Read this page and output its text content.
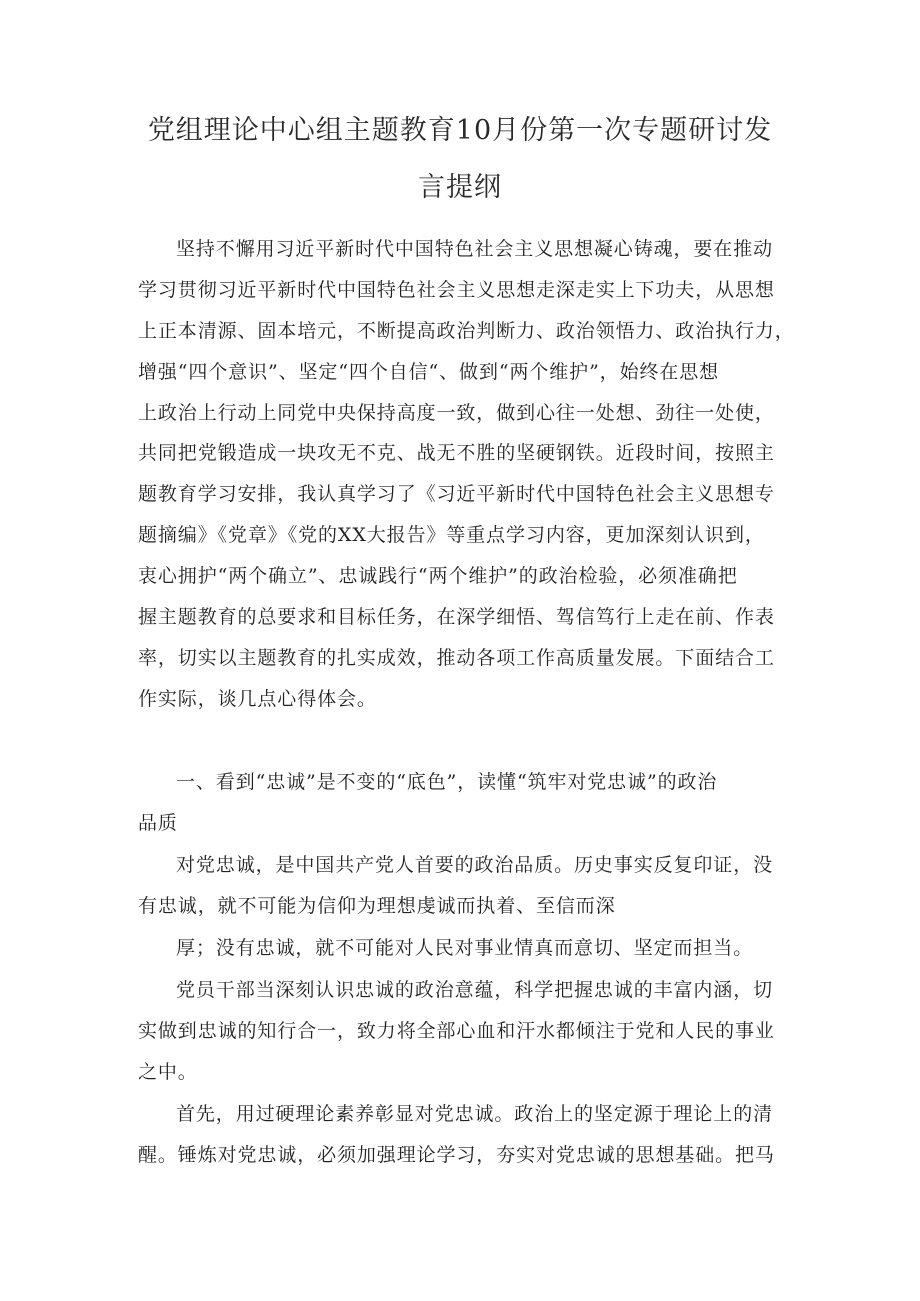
党组理论中心组主题教育10月份第一次专题研讨发
言提纲
坚持不懈用习近平新时代中国特色社会主义思想凝心铸魂，要在推动
学习贯彻习近平新时代中国特色社会主义思想走深走实上下功夫，从思想
上正本清源、固本培元，不断提高政治判断力、政治领悟力、政治执行力，
增强“四个意识”、坚定“四个自信“、做到“两个维护”，始终在思想
上政治上行动上同党中央保持高度一致，做到心往一处想、劲往一处使，
共同把党锻造成一块攻无不克、战无不胜的坚硬钢铁。近段时间，按照主
题教育学习安排，我认真学习了《习近平新时代中国特色社会主义思想专
题摘编》《党章》《党的XX大报告》等重点学习内容，更加深刻认识到，
衷心拥护“两个确立”、忠诚践行“两个维护”的政治检验，必须准确把
握主题教育的总要求和目标任务，在深学细悟、驾信笃行上走在前、作表
率，切实以主题教育的扎实成效，推动各项工作高质量发展。下面结合工
作实际，谈几点心得体会。
一、看到“忠诚”是不变的“底色”，读懂“筑牢对党忠诚”的政治
品质
对党忠诚，是中国共产党人首要的政治品质。历史事实反复印证，没
有忠诚，就不可能为信仰为理想虔诚而执着、至信而深
厚；没有忠诚，就不可能对人民对事业情真而意切、坚定而担当。
党员干部当深刻认识忠诚的政治意蕴，科学把握忠诚的丰富内涵，切
实做到忠诚的知行合一，致力将全部心血和汗水都倾注于党和人民的事业
之中。
首先，用过硬理论素养彰显对党忠诚。政治上的坚定源于理论上的清
醒。锤炼对党忠诚，必须加强理论学习，夯实对党忠诚的思想基础。把马
